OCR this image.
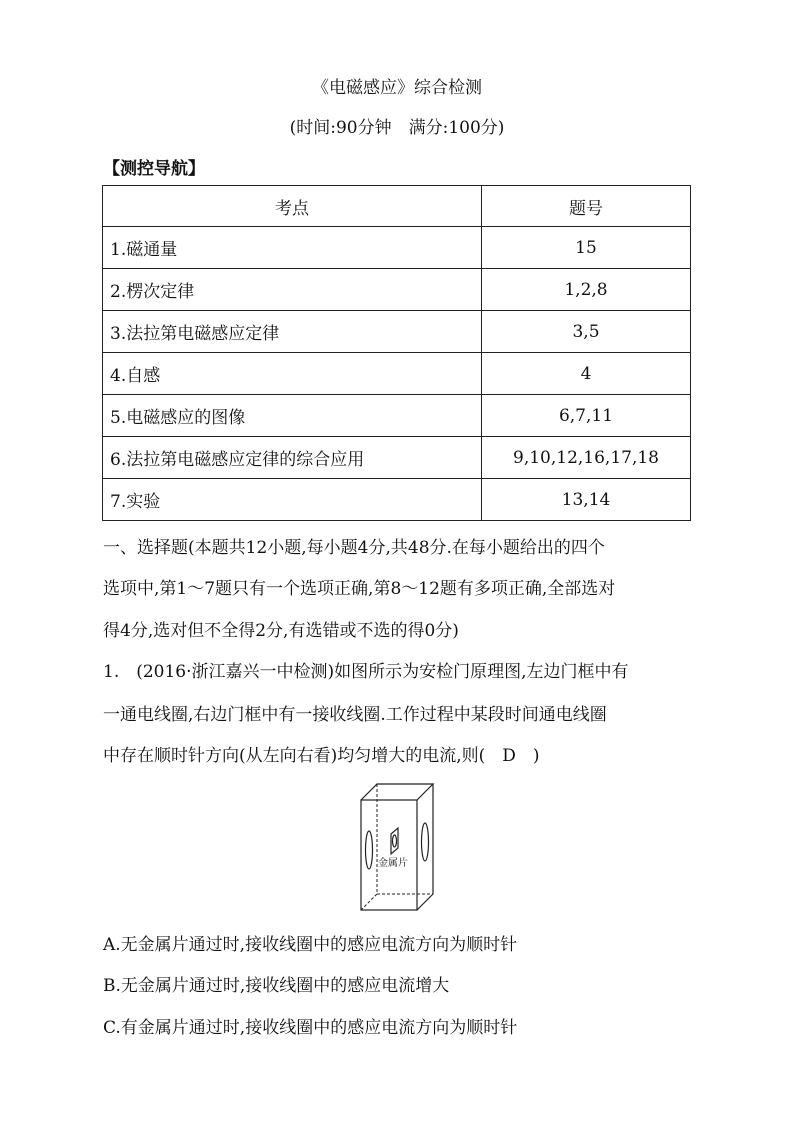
《电磁感应》综合检测
(时间:90分钟　满分:100分)
【测控导航】
考点	题号
1.磁通量	15
2.楞次定律	1,2,8
3.法拉第电磁感应定律	3,5
4.自感	4
5.电磁感应的图像	6,7,11
6.法拉第电磁感应定律的综合应用	9,10,12,16,17,18
7.实验	13,14
一、选择题(本题共12小题,每小题4分,共48分.在每小题给出的四个
选项中,第1～7题只有一个选项正确,第8～12题有多项正确,全部选对
得4分,选对但不全得2分,有选错或不选的得0分)
1.　(2016·浙江嘉兴一中检测)如图所示为安检门原理图,左边门框中有
一通电线圈,右边门框中有一接收线圈.工作过程中某段时间通电线圈
中存在顺时针方向(从左向右看)均匀增大的电流,则(　D　)
金属片
A.无金属片通过时,接收线圈中的感应电流方向为顺时针
B.无金属片通过时,接收线圈中的感应电流增大
C.有金属片通过时,接收线圈中的感应电流方向为顺时针
